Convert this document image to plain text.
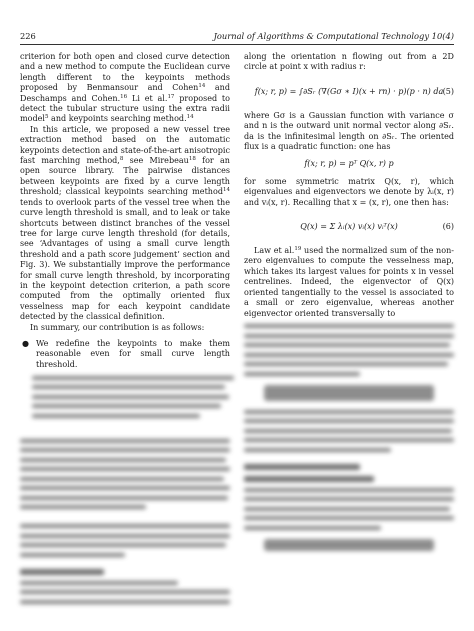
226	Journal of Algorithms & Computational Technology 10(4)

criterion for both open and closed curve detection and a new method to compute the Euclidean curve length different to the keypoints methods proposed by Benmansour and Cohen$^{14}$ and Deschamps and Cohen.$^{16}$ Li et al.$^{17}$ proposed to detect the tubular structure using the extra radii model$^5$ and keypoints searching method.$^{14}$

In this article, we proposed a new vessel tree extraction method based on the automatic keypoints detection and state-of-the-art anisotropic fast marching method,$^8$ see Mirebeau$^{18}$ for an open source library. The pairwise distances between keypoints are fixed by a curve length threshold; classical keypoints searching method$^{14}$ tends to overlook parts of the vessel tree when the curve length threshold is small, and to leak or take shortcuts between distinct branches of the vessel tree for large curve length threshold (for details, see ‘Advantages of using a small curve length threshold and a path score judgement’ section and Fig. 3). We substantially improve the performance for small curve length threshold, by incorporating in the keypoint detection criterion, a path score computed from the optimally oriented flux vesselness map for each keypoint candidate detected by the classical definition.

In summary, our contribution is as follows:

● We redefine the keypoints to make them reasonable even for small curve length threshold.

along the orientation n flowing out from a 2D circle at point x with radius r:

f(x; r, p) = ∫∂Sᵣ (∇(Gσ ∗ I)(x + rn) · p)(p · n) da (5)

where Gσ is a Gaussian function with variance σ and n is the outward unit normal vector along ∂Sᵣ. da is the infinitesimal length on ∂Sᵣ. The oriented flux is a quadratic function: one has

f(x; r, p) = pᵀ Q(x, r) p

for some symmetric matrix Q(x, r), which eigenvalues and eigenvectors we denote by λᵢ(x, r) and vᵢ(x, r). Recalling that x = (x, r), one then has:

Q(x) = Σ λᵢ(x) vᵢ(x) vᵢᵀ(x)	(6)

Law et al.$^{19}$ used the normalized sum of the non-zero eigenvalues to compute the vesselness map, which takes its largest values for points x in vessel centrelines. Indeed, the eigenvector of Q(x) oriented tangentially to the vessel is associated to a small or zero eigenvalue, whereas another eigenvector oriented transversally to
